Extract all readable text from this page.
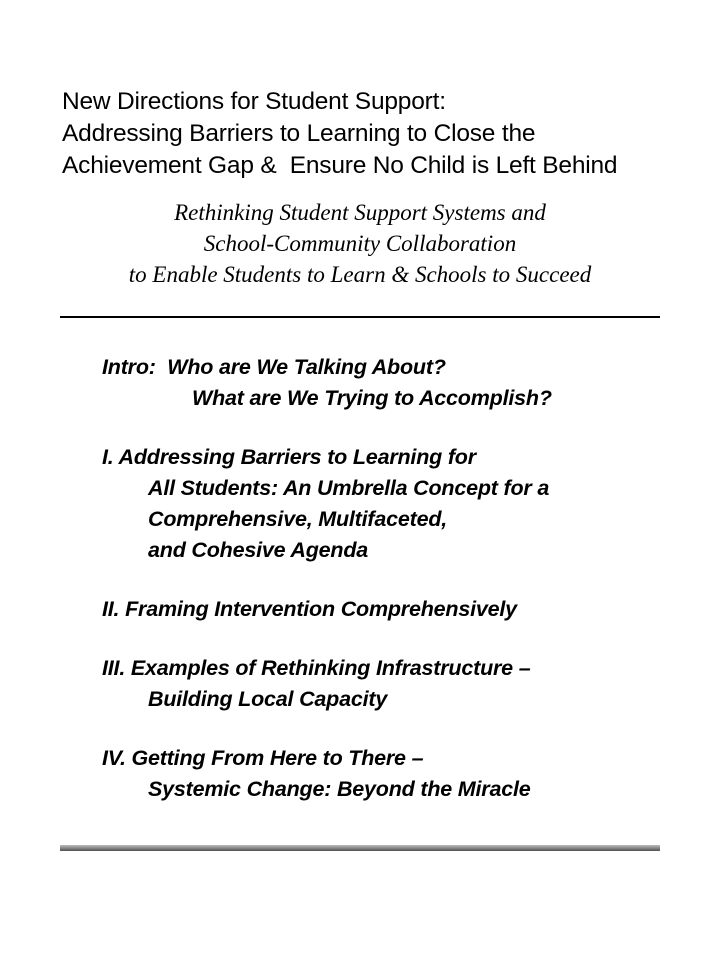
New Directions for Student Support:
Addressing Barriers to Learning to Close the
Achievement Gap &  Ensure No Child is Left Behind
Rethinking Student Support Systems and
School-Community Collaboration
to Enable Students to Learn & Schools to Succeed
Intro:  Who are We Talking About?
What are We Trying to Accomplish?
I. Addressing Barriers to Learning for
All Students: An Umbrella Concept for a
Comprehensive, Multifaceted,
and Cohesive Agenda
II. Framing Intervention Comprehensively
III. Examples of Rethinking Infrastructure –
Building Local Capacity
IV. Getting From Here to There –
Systemic Change: Beyond the Miracle
